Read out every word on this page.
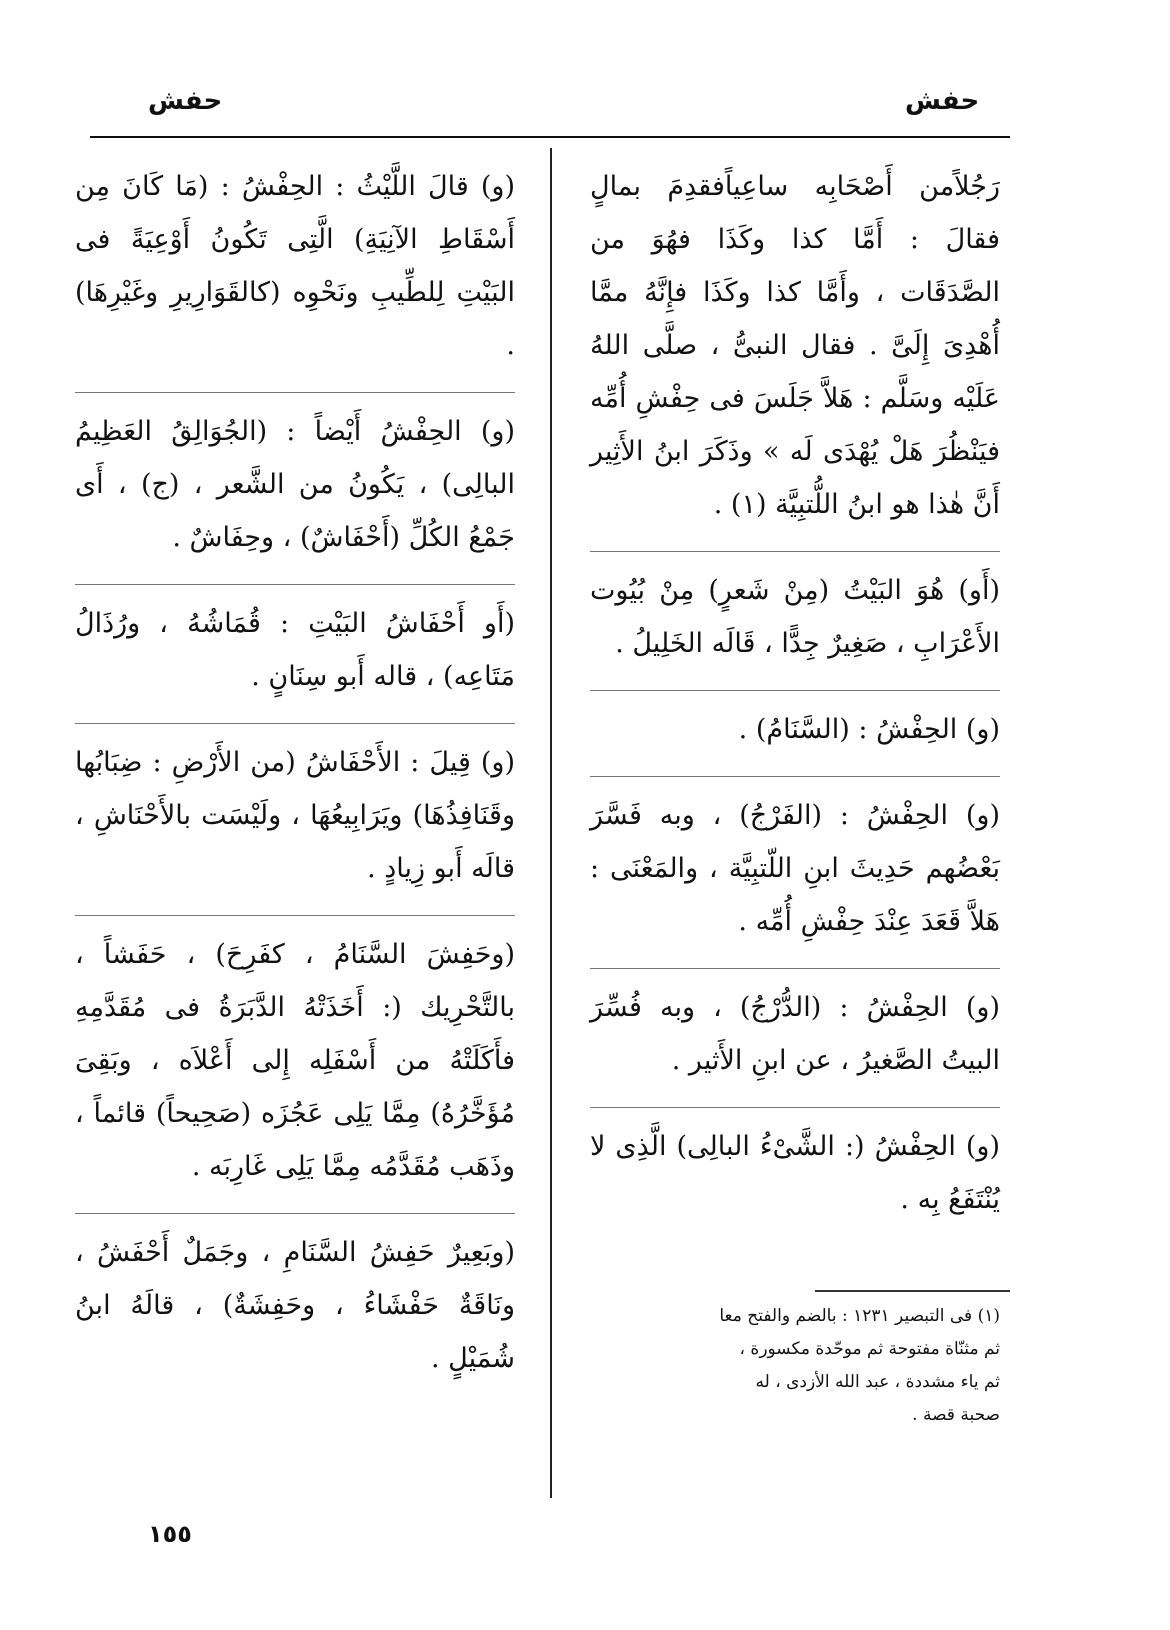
حفش
حفش

رَجُلاًمن أَصْحَابِه ساعِياًفقدِمَ بمالٍ فقالَ : أَمَّا كذا وكَذَا فهُوَ من الصَّدَقَات ، وأَمَّا كذا وكَذَا فإِنَّهُ ممَّا أُهْدِىَ إِلَىَّ . فقال النبىُّ ، صلَّى اللهُ عَلَيْه وسَلَّم : هَلاَّ جَلَسَ فى حِفْشِ أُمِّه فيَنْظُرَ هَلْ يُهْدَى لَه » وذَكَرَ ابنُ الأَثِير أَنَّ هٰذا هو ابنُ اللُّتبِيَّة (١) .

(أَو) هُوَ البَيْتُ (مِنْ شَعرٍ) مِنْ بُيُوت الأَعْرَابِ ، صَغِيرٌ جِدًّا ، قَالَه الخَلِيلُ .

(و) الحِفْشُ : (السَّنَامُ) .

(و) الحِفْشُ : (الفَرْجُ) ، وبه فَسَّرَ بَعْضُهم حَدِيثَ ابنِ اللّتبِيَّة ، والمَعْنَى : هَلاَّ قَعَدَ عِنْدَ حِفْشِ أُمِّه .

(و) الحِفْشُ : (الدُّرْجُ) ، وبه فُسِّرَ البيتُ الصَّغيرُ ، عن ابنِ الأَثير .

(و) الحِفْشُ (: الشَّىْءُ البالِى) الَّذِى لا يُنْتَفَعُ بِه .

(١) فى التبصير ١٢٣١ : بالضم والفتح معا

ثم مثنّاة مفتوحة ثم موحّدة مكسورة ،

ثم ياء مشددة ، عبد الله الأزدى ، له

صحبة قصة .

(و) قالَ اللَّيْثُ : الحِفْشُ : (مَا كَانَ مِن أَسْقَاطِ الآنِيَةِ) الَّتِى تَكُونُ أَوْعِيَةً فى البَيْتِ لِلطِّيبِ ونَحْوِه (كالقَوَارِيرِ وغَيْرِهَا) .

(و) الحِفْشُ أَيْضاً : (الجُوَالِقُ العَظِيمُ البالِى) ، يَكُونُ من الشَّعر ، (ج) ، أَى جَمْعُ الكُلِّ (أَحْفَاشٌ) ، وحِفَاشٌ .

(أَو أَحْفَاشُ البَيْتِ : قُمَاشُهُ ، ورُذَالُ مَتَاعِه) ، قاله أَبو سِنَانٍ .

(و) قِيلَ : الأَحْفَاشُ (من الأَرْضِ : ضِبَابُها وقَنَافِذُهَا) ويَرَابِيعُهَا ، ولَيْسَت بالأَحْنَاشِ ، قالَه أَبو زِيادٍ .

(وحَفِشَ السَّنَامُ ، كفَرِحَ) ، حَفَشاً ، بالتَّحْرِيك (: أَخَذَتْهُ الدَّبَرَةُ فى مُقَدَّمِهِ فأَكَلَتْهُ من أَسْفَلِه إِلى أَعْلاَه ، وبَقِىَ مُؤَخَّرُهُ) مِمَّا يَلِى عَجُزَه (صَحِيحاً) قائماً ، وذَهَب مُقَدَّمُه مِمَّا يَلِى غَارِبَه .

(وبَعِيرٌ حَفِشُ السَّنَامِ ، وجَمَلٌ أَحْفَشُ ، ونَاقَةٌ حَفْشَاءُ ، وحَفِشَةٌ) ، قالَهُ ابنُ شُمَيْلٍ .

١٥٥
